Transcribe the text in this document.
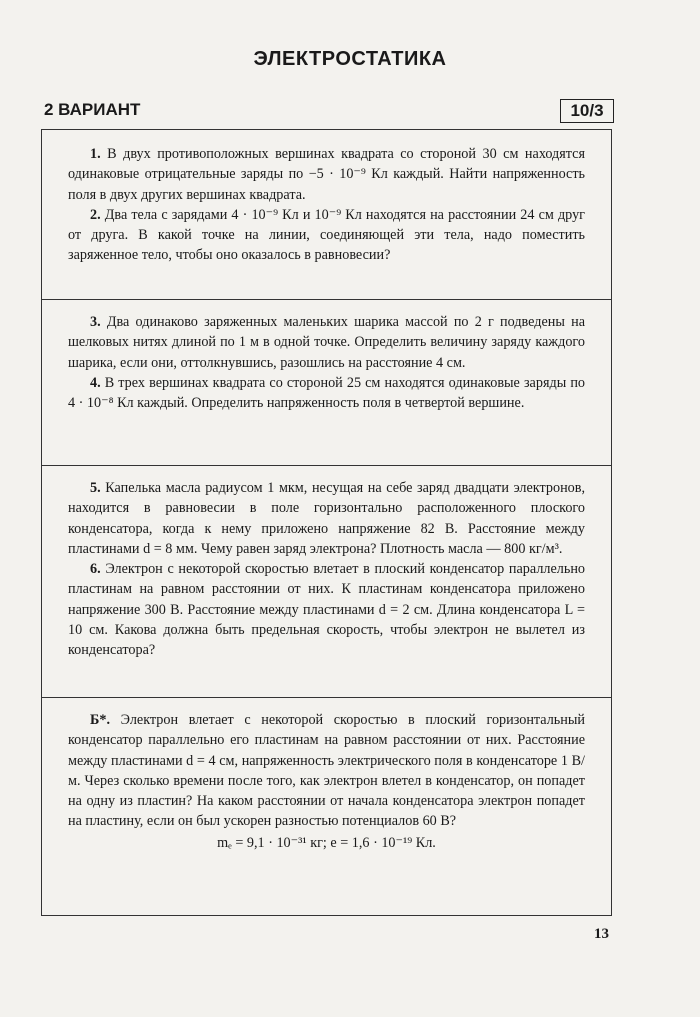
ЭЛЕКТРОСТАТИКА
2 ВАРИАНТ	10/3

1. В двух противоположных вершинах квадрата со стороной 30 см находятся одинаковые отрицательные заряды по −5 · 10⁻⁹ Кл каждый. Найти напряженность поля в двух других вершинах квадрата.

2. Два тела с зарядами 4 · 10⁻⁹ Кл и 10⁻⁹ Кл находятся на расстоянии 24 см друг от друга. В какой точке на линии, соединяющей эти тела, надо поместить заряженное тело, чтобы оно оказалось в равновесии?

3. Два одинаково заряженных маленьких шарика массой по 2 г подведены на шелковых нитях длиной по 1 м в одной точке. Определить величину заряду каждого шарика, если они, оттолкнувшись, разошлись на расстояние 4 см.

4. В трех вершинах квадрата со стороной 25 см находятся одинаковые заряды по 4 · 10⁻⁸ Кл каждый. Определить напряженность поля в четвертой вершине.

5. Капелька масла радиусом 1 мкм, несущая на себе заряд двадцати электронов, находится в равновесии в поле горизонтально расположенного плоского конденсатора, когда к нему приложено напряжение 82 В. Расстояние между пластинами d = 8 мм. Чему равен заряд электрона? Плотность масла — 800 кг/м³.

6. Электрон с некоторой скоростью влетает в плоский конденсатор параллельно пластинам на равном расстоянии от них. К пластинам конденсатора приложено напряжение 300 В. Расстояние между пластинами d = 2 см. Длина конденсатора L = 10 см. Какова должна быть предельная скорость, чтобы электрон не вылетел из конденсатора?

Б*. Электрон влетает с некоторой скоростью в плоский горизонтальный конденсатор параллельно его пластинам на равном расстоянии от них. Расстояние между пластинами d = 4 см, напряженность электрического поля в конденсаторе 1 В/м. Через сколько времени после того, как электрон влетел в конденсатор, он попадет на одну из пластин? На каком расстоянии от начала конденсатора электрон попадет на пластину, если он был ускорен разностью потенциалов 60 В?

mₑ = 9,1 · 10⁻³¹ кг; e = 1,6 · 10⁻¹⁹ Кл.

13
